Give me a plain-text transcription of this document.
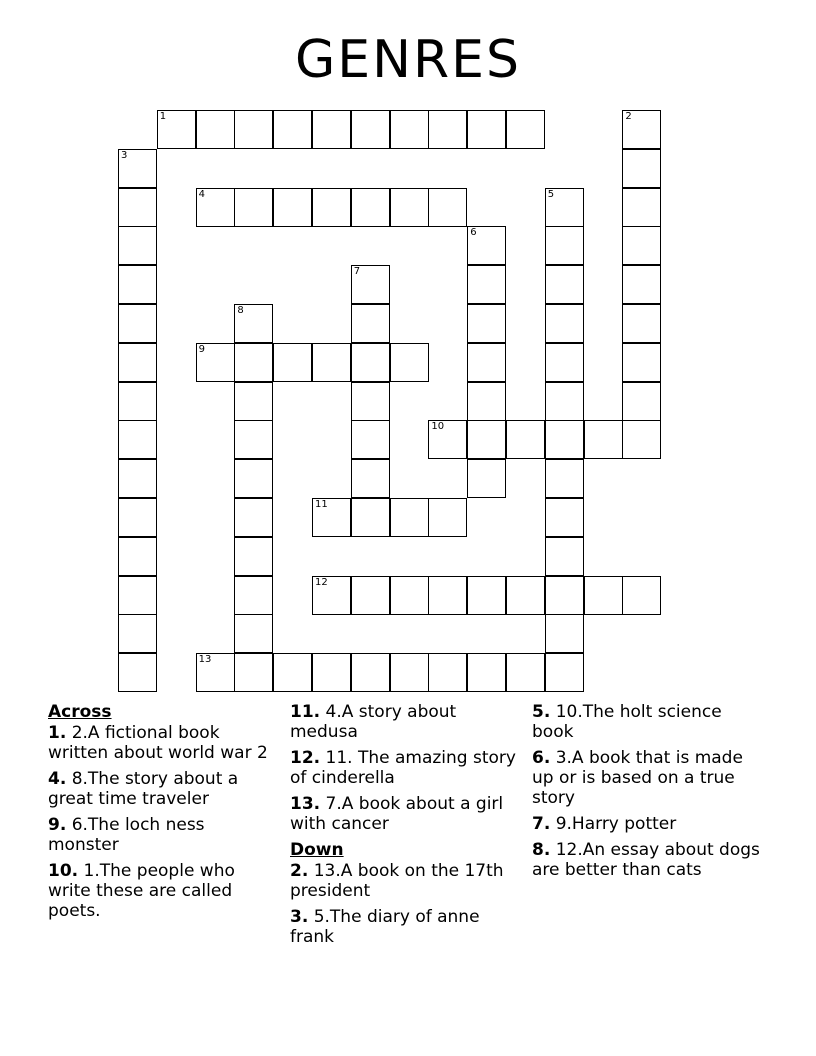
GENRES
1	2
3
4	5
6
7
8
9
10
11
12
13
Across
1. 2.A fictional book written about world war 2
4. 8.The story about a great time traveler
9. 6.The loch ness monster
10. 1.The people who write these are called poets.
11. 4.A story about medusa
12. 11. The amazing story of cinderella
13. 7.A book about a girl with cancer
Down
2. 13.A book on the 17th president
3. 5.The diary of anne frank
5. 10.The holt science book
6. 3.A book that is made up or is based on a true story
7. 9.Harry potter
8. 12.An essay about dogs are better than cats
